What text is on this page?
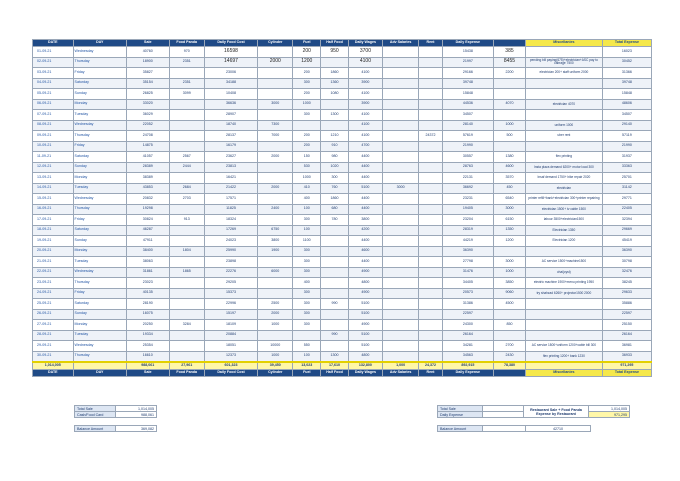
DATE	DAY	Sale	Food Panda	Daily Food Cost	Cylinder	Fuel	Half Food	Daily Wages	Adv Salaries	Rent	Daily Expense		Miscellanies	Total Expense
01-09-21	Wednesday	40760	970	16598		200	950	3700			15438	385		16023
02-09-21	Thursday	18900	2351	14697	2000	1200		4100			21997	8455	pending bill paying(675)+electrician+ASC pay to cabrage 7500	30452
03-09-21	Friday	35827		23006		200	1860	4100			29166	2200	electrician 200+ staff uniform 2000	31366
04-09-21	Saturday	35154	2351	34188		300	1360	3900			39748			39748
05-09-21	Sunday	26825	3099	10408		200	1080	4100			15848			15848
06-09-21	Monday	33020		36636	3000	1000		3900			44536	4070	electrician 4070	48606
07-09-21	Tuesday	36029		28907		300	1300	4100			34507			34507
08-09-21	Wednesday	22052		18740	7300			4100			28140	1000	uniform 1000	29140
09-09-21	Thursday	24708		28137	7000	200	1210	4100		24372	57619	500	uber rent	57119
10-09-21	Friday	14875		16179		200	910	4700			21990			21990
11-09-21	Saturday	41057	2567	23627	2000	150	980	4400			30557	1380	flex printing	31937
12-09-21	Sunday	28389	2444	23813		530	1020	4400			28763	4600	Insta plaza demand 6200+ motor load 300	33363
13-09-21	Monday	38389		16421		1000	300	4400			22131	3570	Insaf demand 1750+ bike repair 2020	25701
14-09-21	Tuesday	43853	2684	21422	2000	410	760	5100	3000		36692	450	electrician	31142
15-09-21	Wednesday	20832	2703	17571		400	1860	4400			23231	6540	printer refill+bank+electrician 300+printer repairing	29771
16-09-21	Thursday	19298		11825	2400	100	680	4400			19405	3000	electrician 1500+ tv cable 1500	22405
17-09-21	Friday	30824	913	18324		300	780	3800			23204	6150	labour 3500+electrician1500	32394
18-09-21	Saturday	46287		17269	6750	100		4200			28319	1350	Electrician 1350	29669
19-09-21	Sunday	47911		24023	3800	1100		4400			44219	1200	Electrician 1200	45419
20-09-21	Monday	38400	1804	25990	1900	300		4600			36390			36390
21-09-21	Tuesday	38063		23898		300		4400			27798	3000	AC service 1500+machine1500	30798
22-09-21	Wednesday	31861	1865	22276	6000	300		4900			31476	1000	chai(cyst)	32476
23-09-21	Thursday	23023		29205		400		4800			34405	3850	electric machine 1900+menu printing 1950	38245
24-09-21	Friday	40135		15373		300		4900			20573	9060	try shahzad 6260+ projector1500 2000	29633
25-09-21	Saturday	28190		22996	2500	300	990	5100			31386	4500		35886
26-09-21	Sunday	16075		15197	2000	300		5100			22597			22597
27-09-21	Monday	20250	3284	18109	1000	300		4900			24300	850		25150
28-09-21	Tuesday	19334		20884			990	5100			26164			26164
29-09-21	Wednesday	25354		18051	10000	550		5100			34281	2700	AC service 1800+uniform 1200+cable bill 300	36981
30-09-21	Thursday	16610		12373	1000	100	1300	4800			34563	2430	flex printing 1200+ bank 1230	36933
1,014,005		988,061	27,961	601,323	39,450	13,023	17,610	132,800	1,000	24,372	892,915	78,380		971,295
DATE	DAY	Sale	Food Panda	Daily Food Cost	Cylinder	Fuel	Half Food	Daily Wages	Adv Salaries	Rent	Daily Expense		Miscellanies	Total Expense
Total Sale	1,014,005
Cash/Food Card	988,061
Balance Amount	369,082
Total Sale		Restaurant Sale + Food Panda
Expense by Restaurant	1,014,005
Daily Expense			971,295
Balance Amount		42710
